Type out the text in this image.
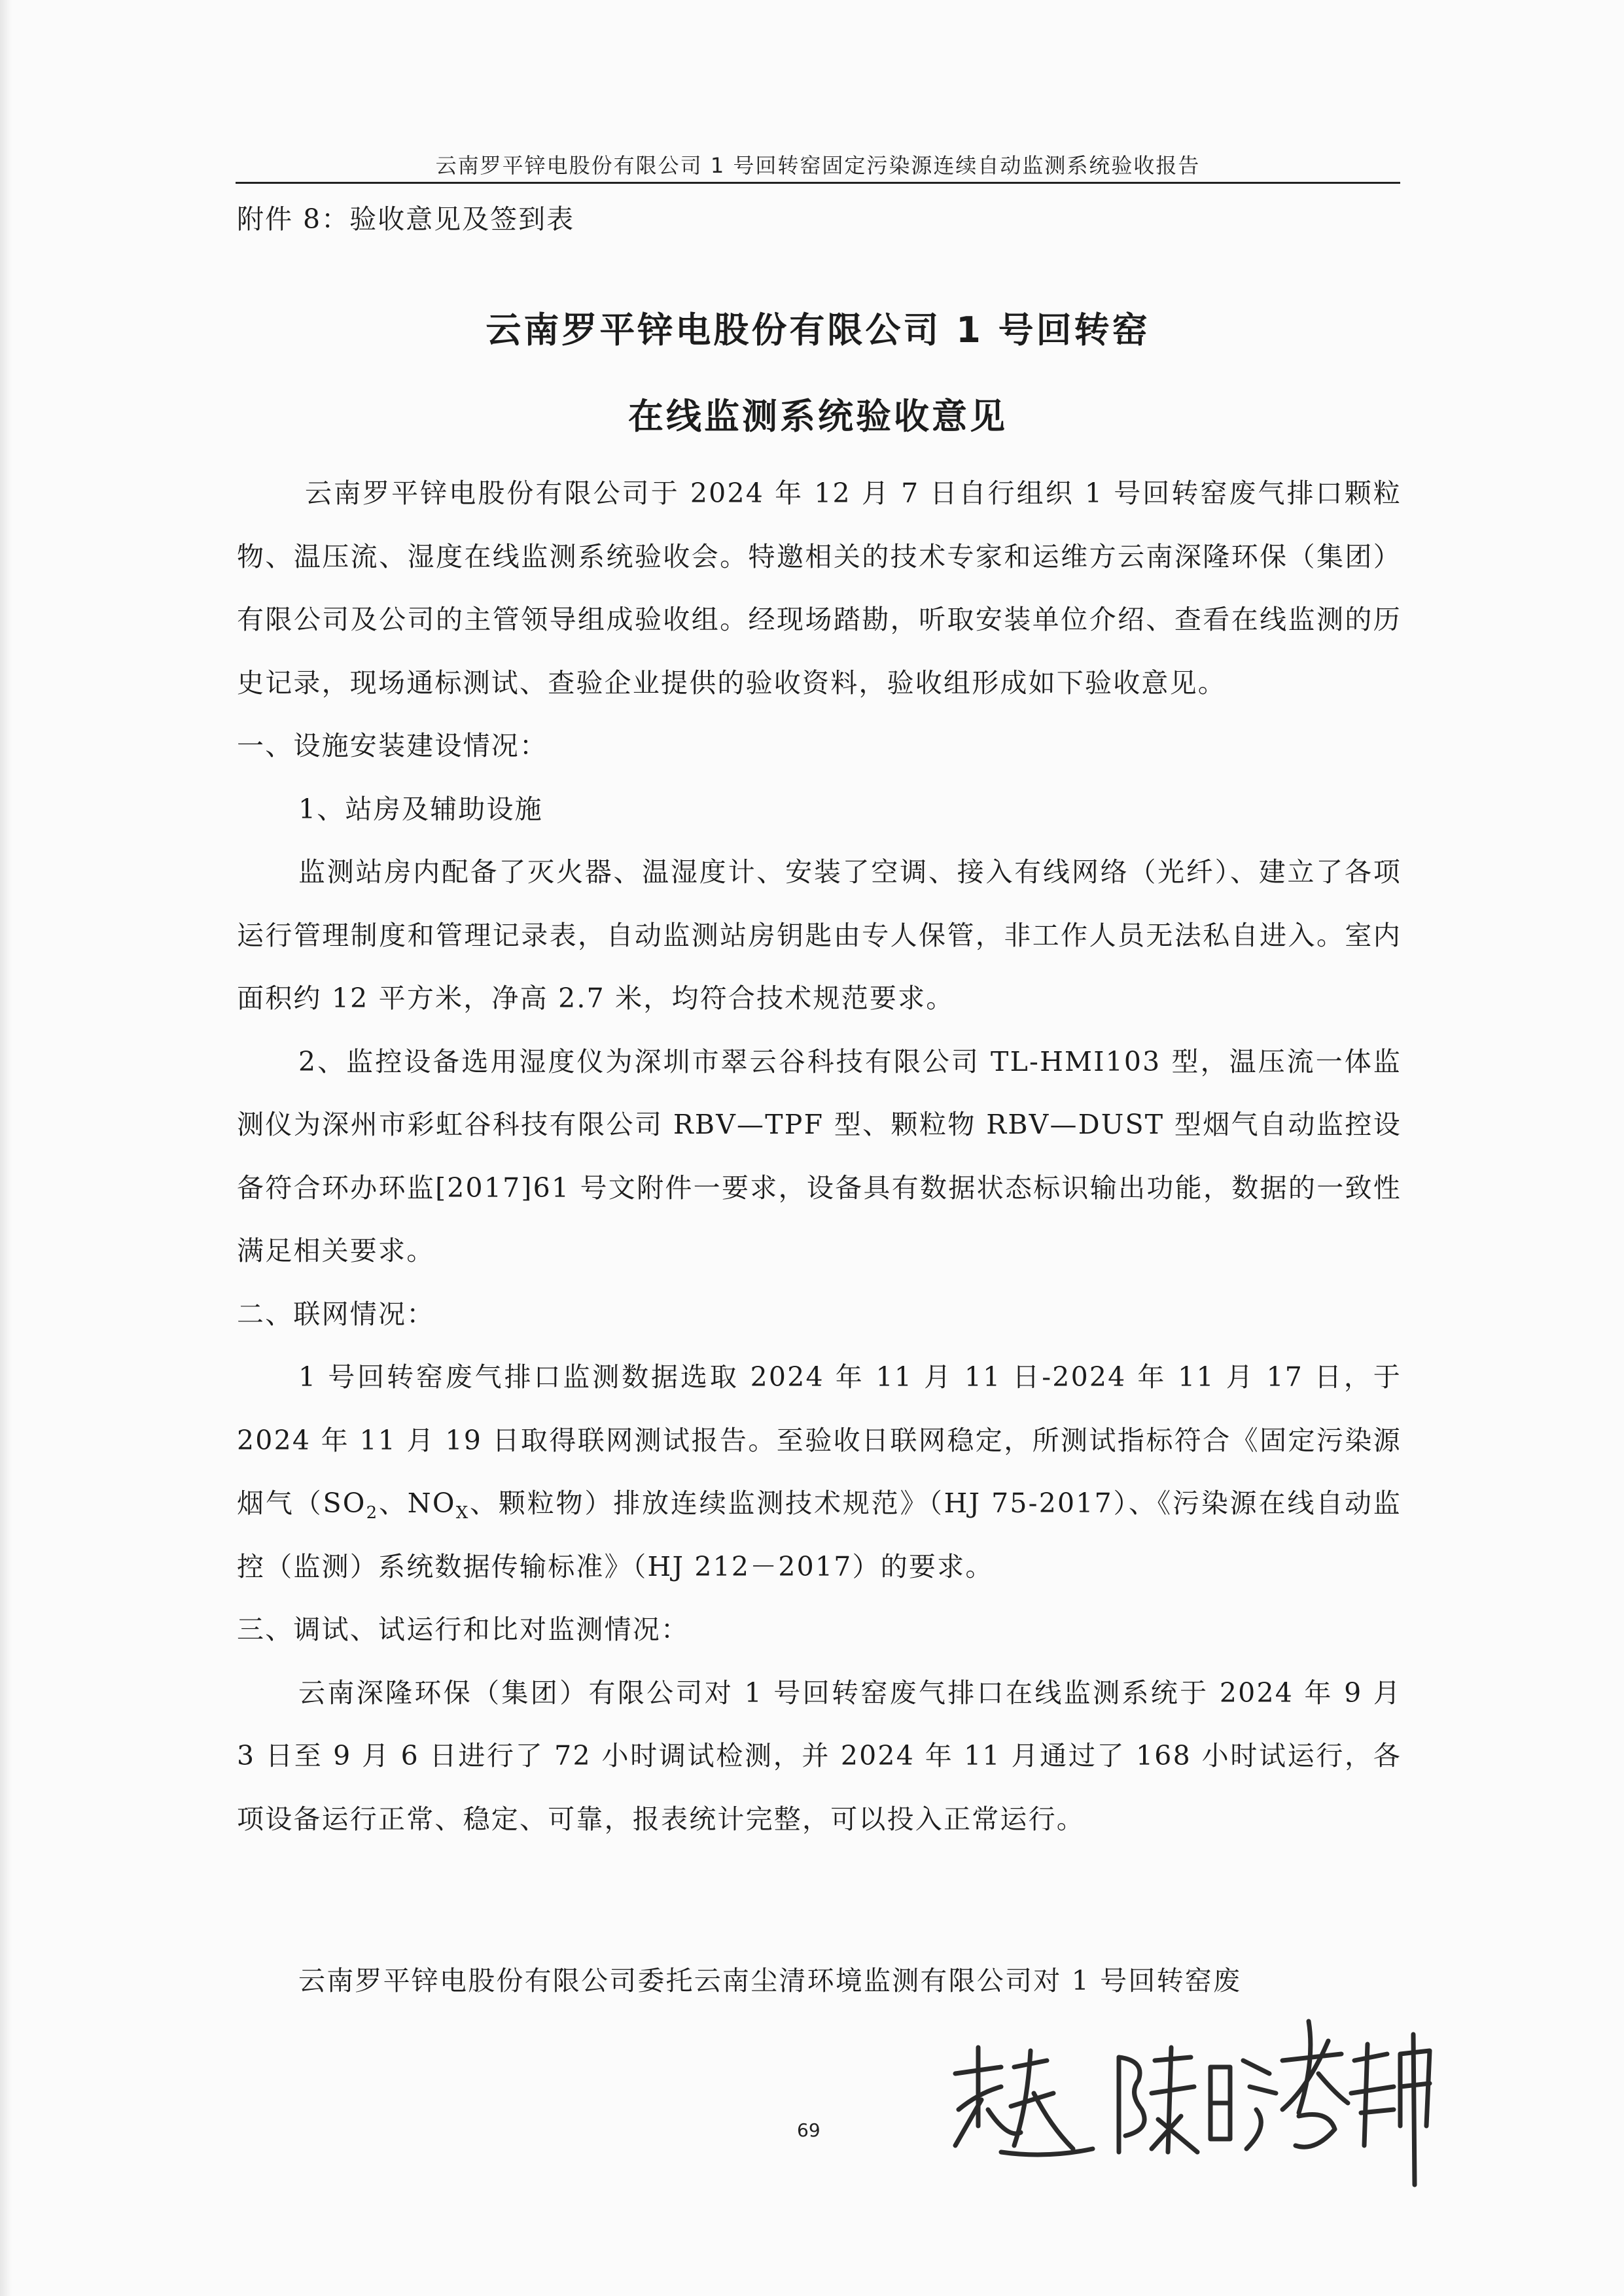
云南罗平锌电股份有限公司 1 号回转窑固定污染源连续自动监测系统验收报告
附件 8：验收意见及签到表
云南罗平锌电股份有限公司 1 号回转窑
在线监测系统验收意见

云南罗平锌电股份有限公司于 2024 年 12 月 7 日自行组织 1 号回转窑废气排口颗粒物、温压流、湿度在线监测系统验收会。特邀相关的技术专家和运维方云南深隆环保（集团）有限公司及公司的主管领导组成验收组。经现场踏勘，听取安装单位介绍、查看在线监测的历史记录，现场通标测试、查验企业提供的验收资料，验收组形成如下验收意见。

一、设施安装建设情况：

1、站房及辅助设施

监测站房内配备了灭火器、温湿度计、安装了空调、接入有线网络（光纤）、建立了各项运行管理制度和管理记录表，自动监测站房钥匙由专人保管，非工作人员无法私自进入。室内面积约 12 平方米，净高 2.7 米，均符合技术规范要求。

2、监控设备选用湿度仪为深圳市翠云谷科技有限公司 TL-HMI103 型，温压流一体监测仪为深州市彩虹谷科技有限公司 RBV—TPF 型、颗粒物 RBV—DUST 型烟气自动监控设备符合环办环监[2017]61 号文附件一要求，设备具有数据状态标识输出功能，数据的一致性满足相关要求。

二、联网情况：

1 号回转窑废气排口监测数据选取 2024 年 11 月 11 日-2024 年 11 月 17 日，于 2024 年 11 月 19 日取得联网测试报告。至验收日联网稳定，所测试指标符合《固定污染源烟气（$SO_2$、$NO_X$、颗粒物）排放连续监测技术规范》（HJ 75-2017）、《污染源在线自动监控（监测）系统数据传输标准》（HJ 212－2017）的要求。

三、调试、试运行和比对监测情况：

云南深隆环保（集团）有限公司对 1 号回转窑废气排口在线监测系统于 2024 年 9 月 3 日至 9 月 6 日进行了 72 小时调试检测，并 2024 年 11 月通过了 168 小时试运行，各项设备运行正常、稳定、可靠，报表统计完整，可以投入正常运行。

云南罗平锌电股份有限公司委托云南尘清环境监测有限公司对 1 号回转窑废
69
